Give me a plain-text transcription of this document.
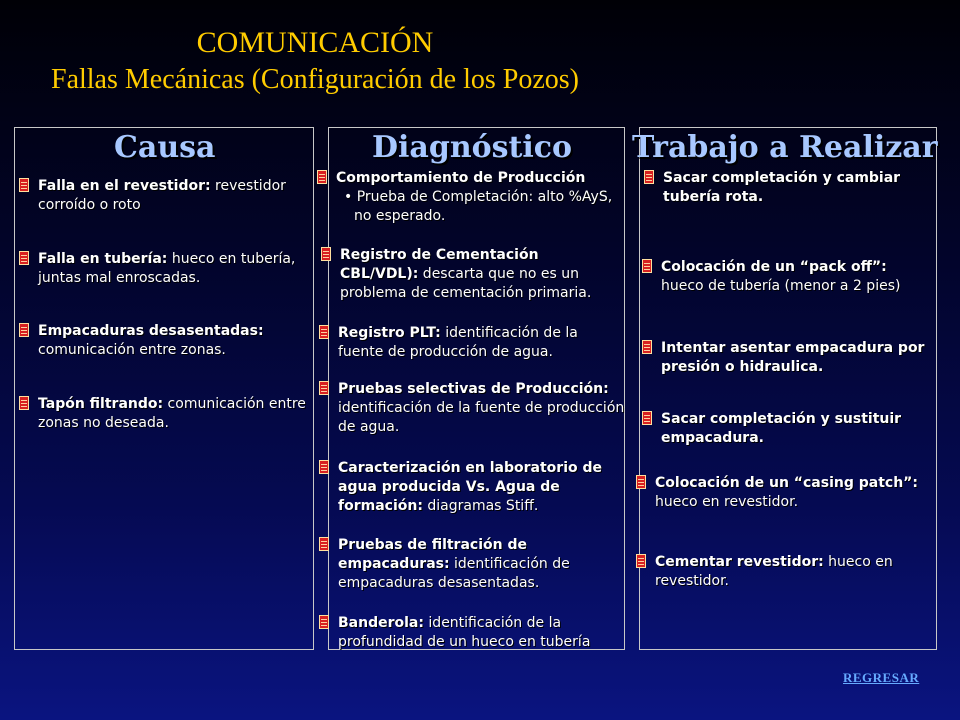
COMUNICACIÓN
Fallas Mecánicas (Configuración de los Pozos)
Causa	Diagnóstico Trabajo a Realizar
Falla en el revestidor: revestidor corroído o roto
Falla en tubería: hueco en tubería, juntas mal enroscadas.
Empacaduras desasentadas: comunicación entre zonas.
Tapón filtrando: comunicación entre zonas no deseada.
Comportamiento de Producción
• Prueba de Completación: alto %AyS, no esperado.
Registro de Cementación CBL/VDL): descarta que no es un problema de cementación primaria.
Registro PLT: identificación de la fuente de producción de agua.
Pruebas selectivas de Producción: identificación de la fuente de producción de agua.
Caracterización en laboratorio de agua producida Vs. Agua de formación: diagramas Stiff.
Pruebas de filtración de empacaduras: identificación de empacaduras desasentadas.
Banderola: identificación de la profundidad de un hueco en tubería
Sacar completación y cambiar tubería rota.
Colocación de un “pack off”: hueco de tubería (menor a 2 pies)
Intentar asentar empacadura por presión o hidraulica.
Sacar completación y sustituir empacadura.
Colocación de un “casing patch”: hueco en revestidor.
Cementar revestidor: hueco en revestidor.
REGRESAR
